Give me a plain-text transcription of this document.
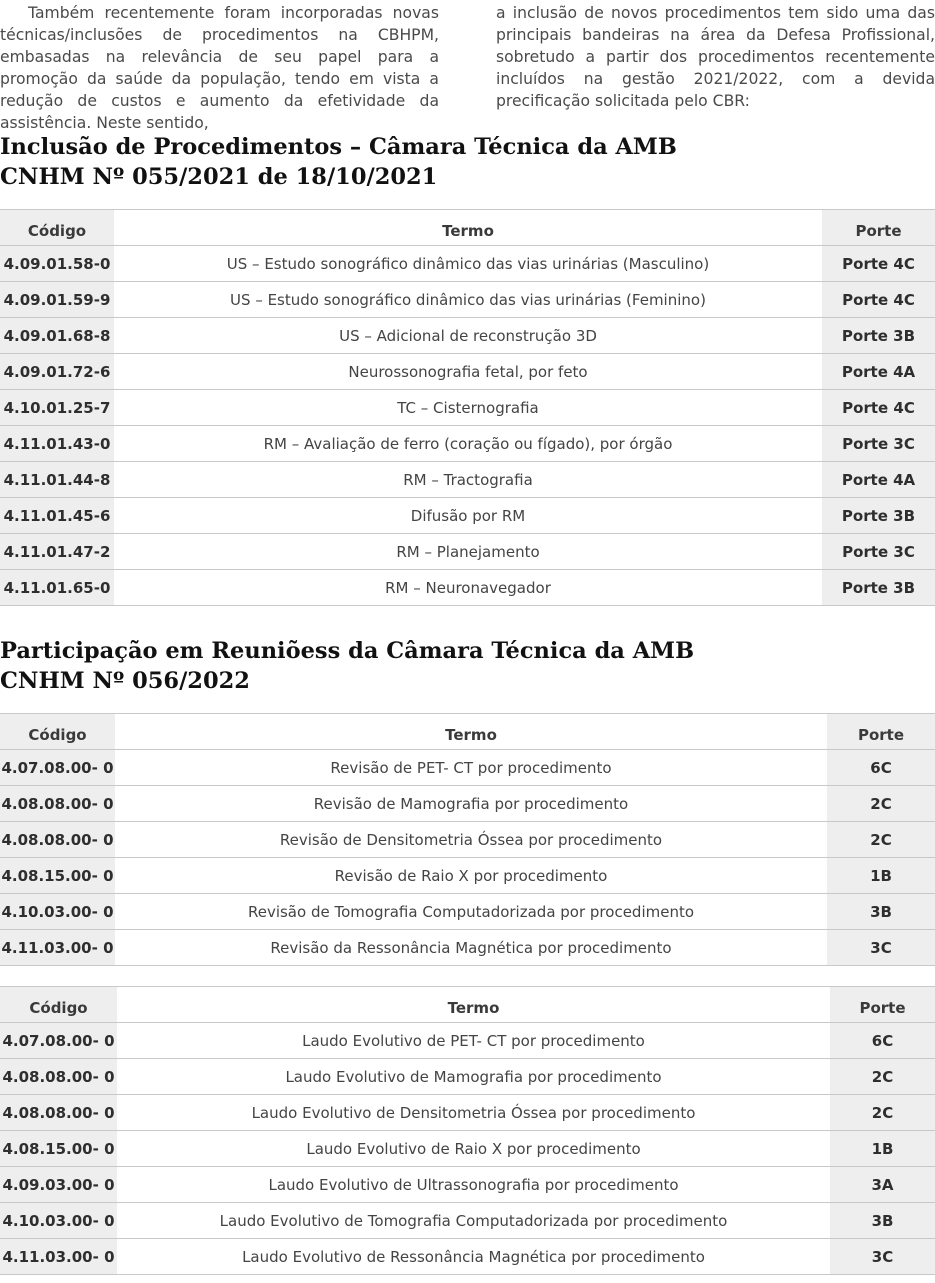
Também recentemente foram incorporadas novas técnicas/inclusões de procedimentos na CBHPM, embasadas na relevância de seu papel para a promoção da saúde da população, tendo em vista a redução de custos e aumento da efetividade da assistência. Neste sentido,

a inclusão de novos procedimentos tem sido uma das principais bandeiras na área da Defesa Profissional, sobretudo a partir dos procedimentos recentemente incluídos na gestão 2021/2022, com a devida precificação solicitada pelo CBR:

Inclusão de Procedimentos – Câmara Técnica da AMB
CNHM Nº 055/2021 de 18/10/2021
Código	Termo	Porte
4.09.01.58-0	US – Estudo sonográfico dinâmico das vias urinárias (Masculino)	Porte 4C
4.09.01.59-9	US – Estudo sonográfico dinâmico das vias urinárias (Feminino)	Porte 4C
4.09.01.68-8	US – Adicional de reconstrução 3D	Porte 3B
4.09.01.72-6	Neurossonografia fetal, por feto	Porte 4A
4.10.01.25-7	TC – Cisternografia	Porte 4C
4.11.01.43-0	RM – Avaliação de ferro (coração ou fígado), por órgão	Porte 3C
4.11.01.44-8	RM – Tractografia	Porte 4A
4.11.01.45-6	Difusão por RM	Porte 3B
4.11.01.47-2	RM – Planejamento	Porte 3C
4.11.01.65-0	RM – Neuronavegador	Porte 3B
Participação em Reuniõess da Câmara Técnica da AMB
CNHM Nº 056/2022
Código	Termo	Porte
4.07.08.00- 0	Revisão de PET- CT por procedimento	6C
4.08.08.00- 0	Revisão de Mamografia por procedimento	2C
4.08.08.00- 0	Revisão de Densitometria Óssea por procedimento	2C
4.08.15.00- 0	Revisão de Raio X por procedimento	1B
4.10.03.00- 0	Revisão de Tomografia Computadorizada por procedimento	3B
4.11.03.00- 0	Revisão da Ressonância Magnética por procedimento	3C
Código	Termo	Porte
4.07.08.00- 0	Laudo Evolutivo de PET- CT por procedimento	6C
4.08.08.00- 0	Laudo Evolutivo de Mamografia por procedimento	2C
4.08.08.00- 0	Laudo Evolutivo de Densitometria Óssea por procedimento	2C
4.08.15.00- 0	Laudo Evolutivo de Raio X por procedimento	1B
4.09.03.00- 0	Laudo Evolutivo de Ultrassonografia por procedimento	3A
4.10.03.00- 0	Laudo Evolutivo de Tomografia Computadorizada por procedimento	3B
4.11.03.00- 0	Laudo Evolutivo de Ressonância Magnética por procedimento	3C
